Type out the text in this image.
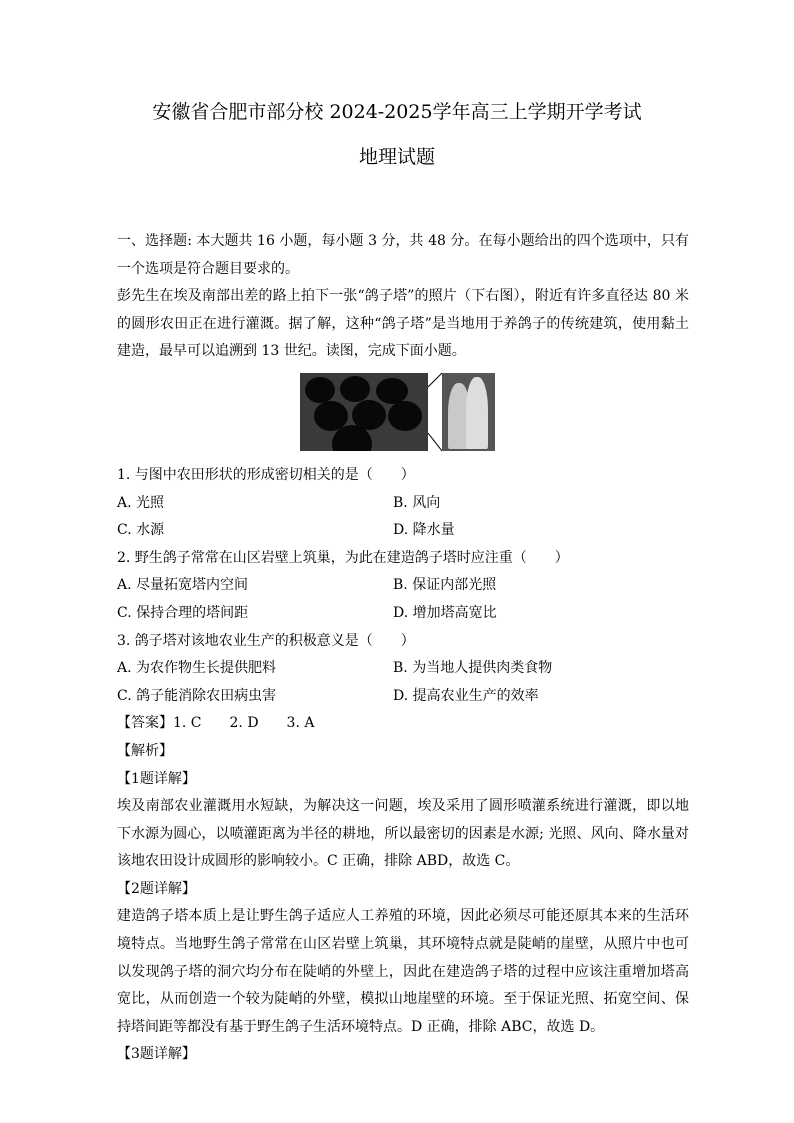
安徽省合肥市部分校 2024-2025学年高三上学期开学考试
地理试题

一、选择题: 本大题共 16 小题，每小题 3 分，共 48 分。在每小题给出的四个选项中，只有一个选项是符合题目要求的。

彭先生在埃及南部出差的路上拍下一张“鸽子塔”的照片（下右图），附近有许多直径达 80 米的圆形农田正在进行灌溉。据了解，这种“鸽子塔”是当地用于养鸽子的传统建筑，使用黏土建造，最早可以追溯到 13 世纪。读图，完成下面小题。

1. 与图中农田形状的形成密切相关的是（　　）

A. 光照	B. 风向
C. 水源	D. 降水量

2. 野生鸽子常常在山区岩壁上筑巢，为此在建造鸽子塔时应注重（　　）

A. 尽量拓宽塔内空间	B. 保证内部光照
C. 保持合理的塔间距	D. 增加塔高宽比

3. 鸽子塔对该地农业生产的积极意义是（　　）

A. 为农作物生长提供肥料	B. 为当地人提供肉类食物
C. 鸽子能消除农田病虫害	D. 提高农业生产的效率

【答案】1. C　　2. D　　3. A

【解析】

【1题详解】

埃及南部农业灌溉用水短缺，为解决这一问题，埃及采用了圆形喷灌系统进行灌溉，即以地下水源为圆心，以喷灌距离为半径的耕地，所以最密切的因素是水源; 光照、风向、降水量对该地农田设计成圆形的影响较小。C 正确，排除 ABD，故选 C。

【2题详解】

建造鸽子塔本质上是让野生鸽子适应人工养殖的环境，因此必须尽可能还原其本来的生活环境特点。当地野生鸽子常常在山区岩壁上筑巢，其环境特点就是陡峭的崖壁，从照片中也可以发现鸽子塔的洞穴均分布在陡峭的外壁上，因此在建造鸽子塔的过程中应该注重增加塔高宽比，从而创造一个较为陡峭的外壁，模拟山地崖壁的环境。至于保证光照、拓宽空间、保持塔间距等都没有基于野生鸽子生活环境特点。D 正确，排除 ABC，故选 D。

【3题详解】
